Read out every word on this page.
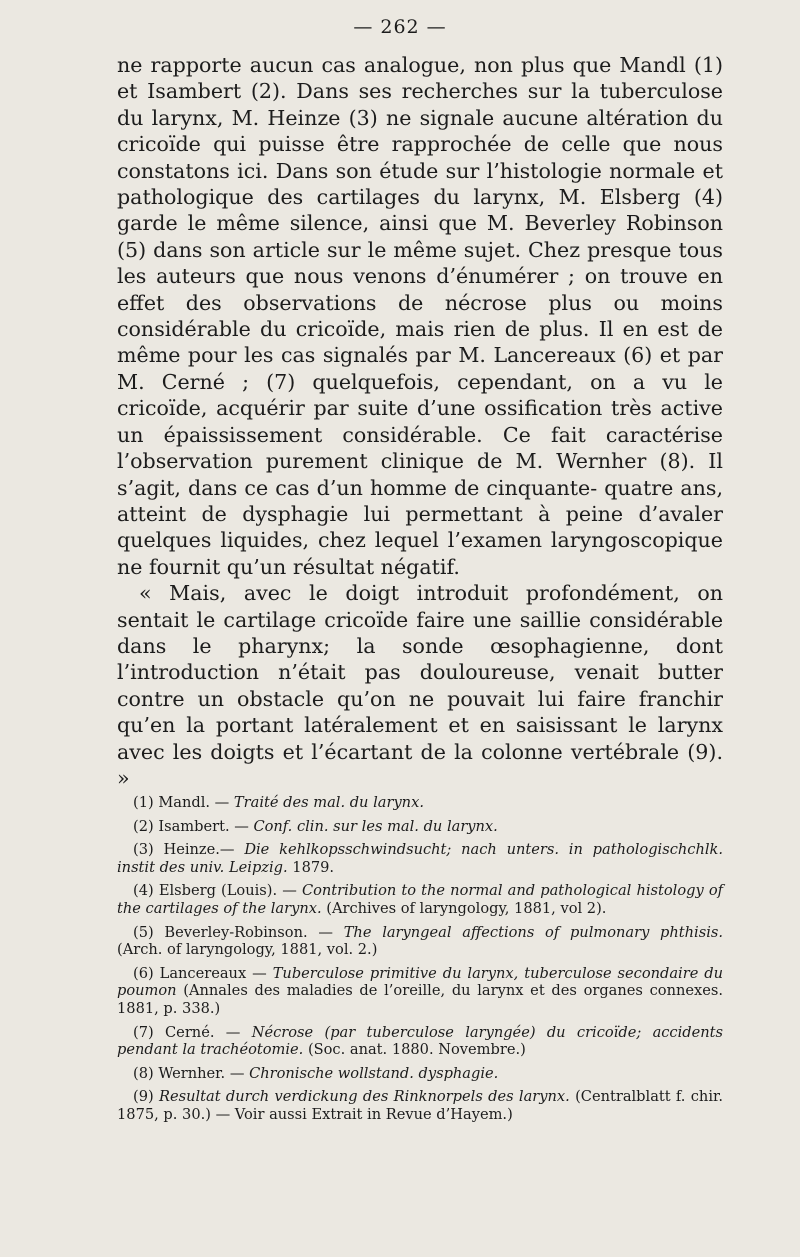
— 262 —

ne rapporte aucun cas analogue, non plus que Mandl (1) et Isambert (2). Dans ses recherches sur la tuberculose du larynx, M. Heinze (3) ne signale aucune altération du cricoïde qui puisse être rapprochée de celle que nous constatons ici. Dans son étude sur l’histologie normale et pathologique des cartilages du larynx, M. Elsberg (4) garde le même silence, ainsi que M. Beverley Robinson (5) dans son article sur le même sujet. Chez presque tous les auteurs que nous venons d’énumérer ; on trouve en effet des observations de nécrose plus ou moins considérable du cricoïde, mais rien de plus. Il en est de même pour les cas signalés par M. Lancereaux (6) et par M. Cerné ; (7) quelquefois, cependant, on a vu le cricoïde, acquérir par suite d’une ossification très active un épaississement considérable. Ce fait caractérise l’observation purement clinique de M. Wernher (8). Il s’agit, dans ce cas d’un homme de cinquante- quatre ans, atteint de dysphagie lui permettant à peine d’avaler quelques liquides, chez lequel l’examen laryngoscopique ne fournit qu’un résultat négatif.

« Mais, avec le doigt introduit profondément, on sentait le cartilage cricoïde faire une saillie considérable dans le pharynx; la sonde œsophagienne, dont l’introduction n’était pas douloureuse, venait butter contre un obstacle qu’on ne pouvait lui faire franchir qu’en la portant latéralement et en saisissant le larynx avec les doigts et l’écartant de la colonne vertébrale (9). »

(1) Mandl. — Traité des mal. du larynx.

(2) Isambert. — Conf. clin. sur les mal. du larynx.

(3) Heinze.— Die kehlkopsschwindsucht; nach unters. in pathologischchlk. instit des univ. Leipzig. 1879.

(4) Elsberg (Louis). — Contribution to the normal and pathological histology of the cartilages of the larynx. (Archives of laryngology, 1881, vol 2).

(5) Beverley-Robinson. — The laryngeal affections of pulmonary phthisis. (Arch. of laryngology, 1881, vol. 2.)

(6) Lancereaux — Tuberculose primitive du larynx, tuberculose secondaire du poumon (Annales des maladies de l’oreille, du larynx et des organes connexes. 1881, p. 338.)

(7) Cerné. — Nécrose (par tuberculose laryngée) du cricoïde; accidents pendant la trachéotomie. (Soc. anat. 1880. Novembre.)

(8) Wernher. — Chronische wollstand. dysphagie.

(9) Resultat durch verdickung des Rinknorpels des larynx. (Centralblatt f. chir. 1875, p. 30.) — Voir aussi Extrait in Revue d’Hayem.)
